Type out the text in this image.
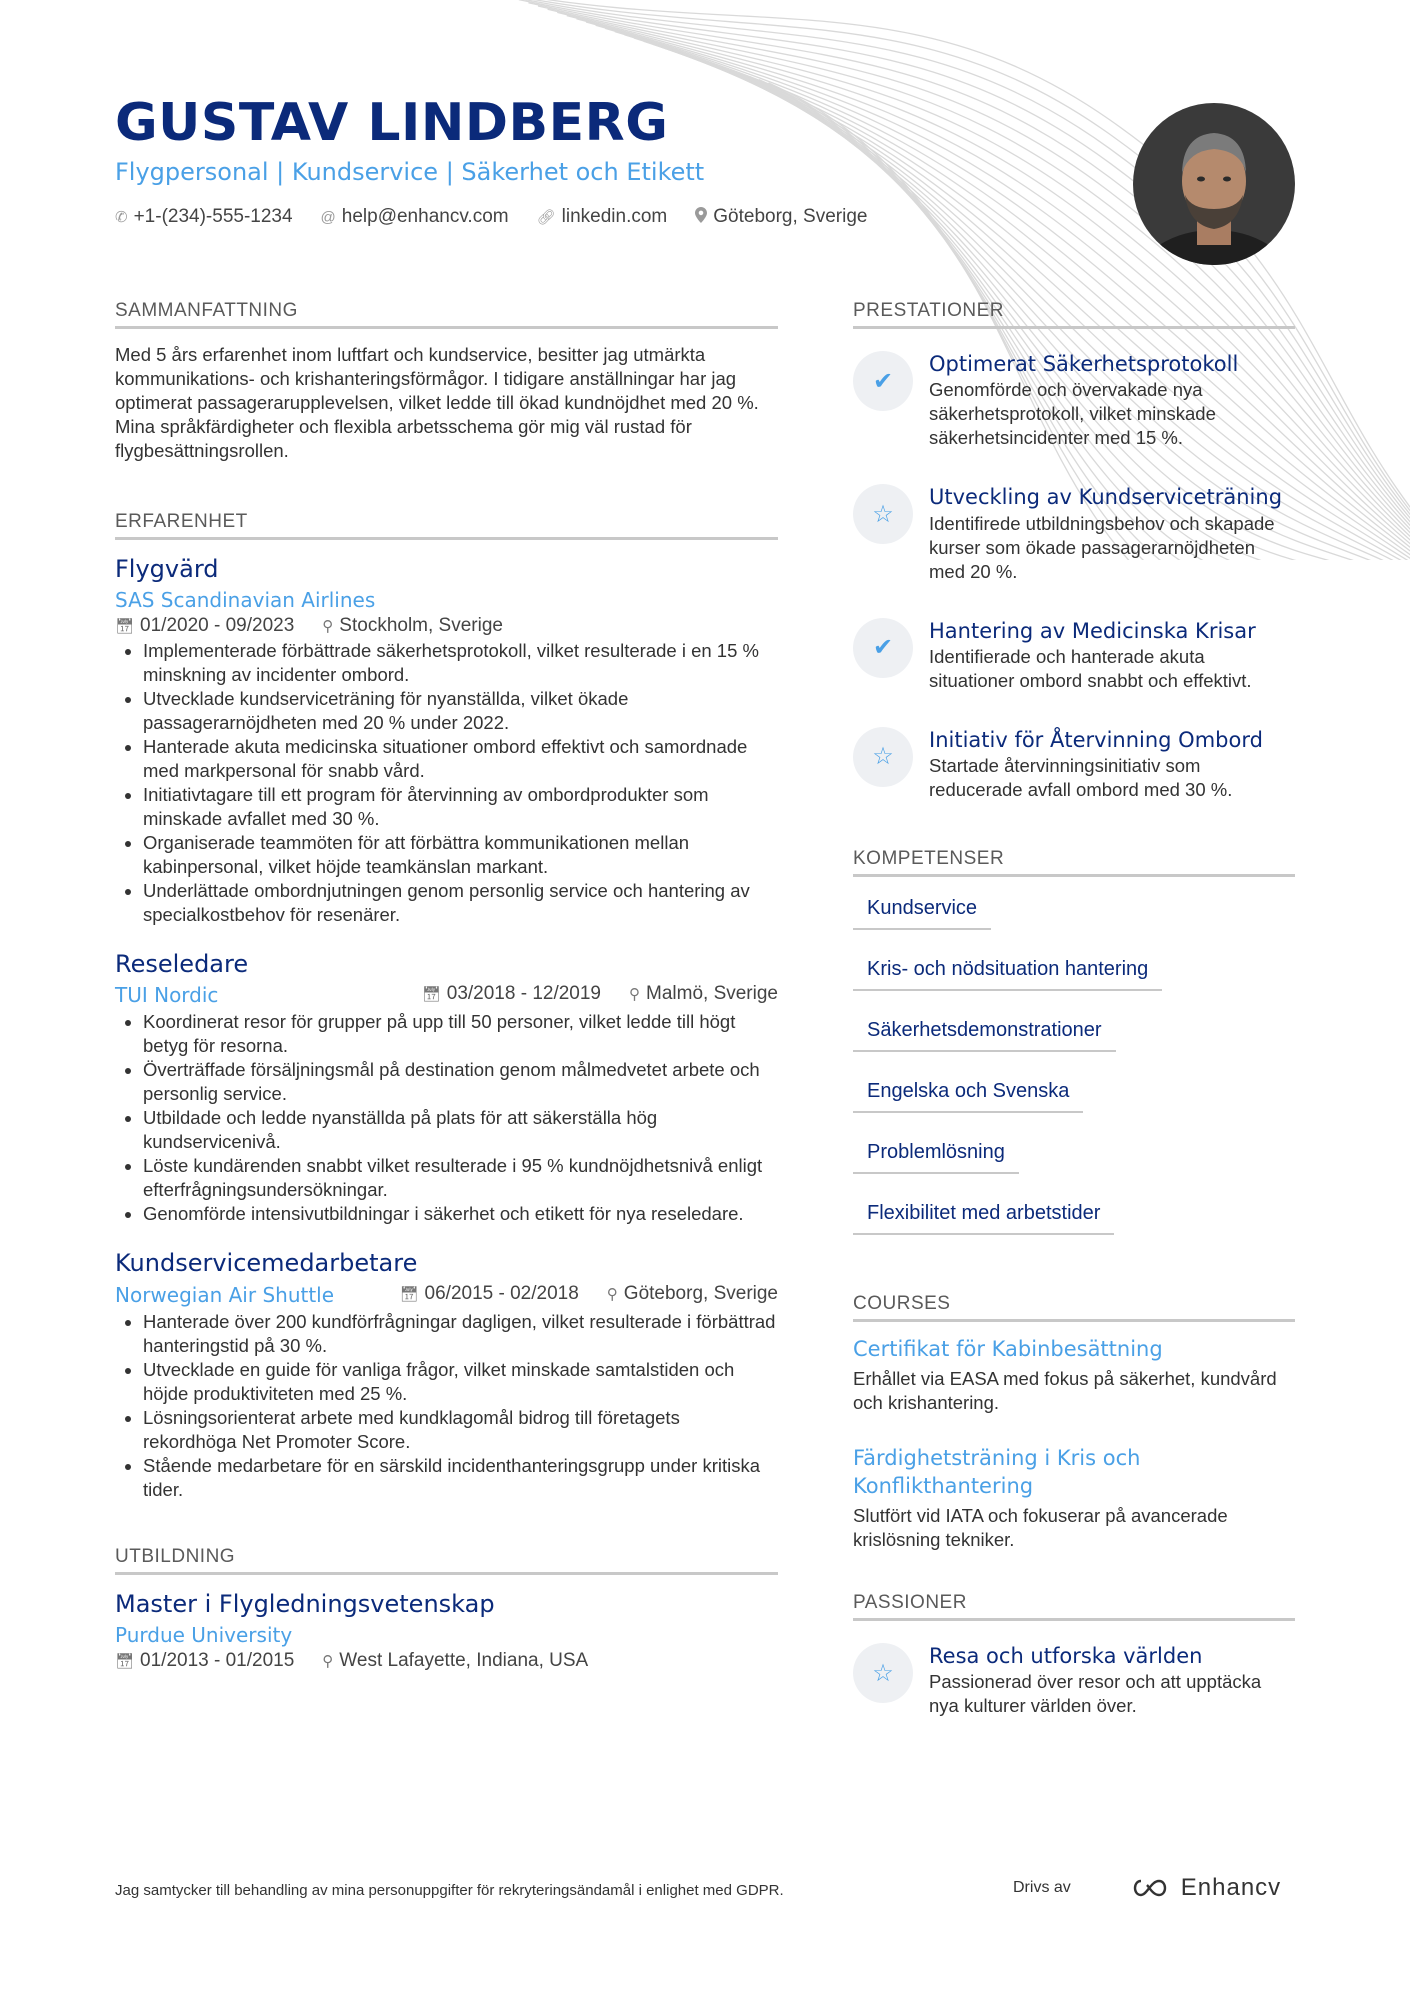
GUSTAV LINDBERG
Flygpersonal | Kundservice | Säkerhet och Etikett
✆ +1-(234)-555-1234 @ help@enhancv.com 🔗︎ linkedin.com Göteborg, Sverige
SAMMANFATTNING

Med 5 års erfarenhet inom luftfart och kundservice, besitter jag utmärkta kommunikations- och krishanteringsförmågor. I tidigare anställningar har jag optimerat passagerarupplevelsen, vilket ledde till ökad kundnöjdhet med 20 %. Mina språkfärdigheter och flexibla arbetsschema gör mig väl rustad för flygbesättningsrollen.

ERFARENHET
Flygvärd
SAS Scandinavian Airlines
📅︎ 01/2020 - 09/2023 ⚲ Stockholm, Sverige
• Implementerade förbättrade säkerhetsprotokoll, vilket resulterade i en 15 % minskning av incidenter ombord.
• Utvecklade kundserviceträning för nyanställda, vilket ökade passagerarnöjdheten med 20 % under 2022.
• Hanterade akuta medicinska situationer ombord effektivt och samordnade med markpersonal för snabb vård.
• Initiativtagare till ett program för återvinning av ombordprodukter som minskade avfallet med 30 %.
• Organiserade teammöten för att förbättra kommunikationen mellan kabinpersonal, vilket höjde teamkänslan markant.
• Underlättade ombordnjutningen genom personlig service och hantering av specialkostbehov för resenärer.
Reseledare
TUI Nordic	📅︎ 03/2018 - 12/2019 ⚲ Malmö, Sverige
• Koordinerat resor för grupper på upp till 50 personer, vilket ledde till högt betyg för resorna.
• Överträffade försäljningsmål på destination genom målmedvetet arbete och personlig service.
• Utbildade och ledde nyanställda på plats för att säkerställa hög kundservicenivå.
• Löste kundärenden snabbt vilket resulterade i 95 % kundnöjdhetsnivå enligt efterfrågningsundersökningar.
• Genomförde intensivutbildningar i säkerhet och etikett för nya reseledare.
Kundservicemedarbetare
Norwegian Air Shuttle	📅︎ 06/2015 - 02/2018 ⚲ Göteborg, Sverige
• Hanterade över 200 kundförfrågningar dagligen, vilket resulterade i förbättrad hanteringstid på 30 %.
• Utvecklade en guide för vanliga frågor, vilket minskade samtalstiden och höjde produktiviteten med 25 %.
• Lösningsorienterat arbete med kundklagomål bidrog till företagets rekordhöga Net Promoter Score.
• Stående medarbetare för en särskild incidenthanteringsgrupp under kritiska tider.
UTBILDNING
Master i Flygledningsvetenskap
Purdue University
📅︎ 01/2013 - 01/2015 ⚲ West Lafayette, Indiana, USA
PRESTATIONER
✔
Optimerat Säkerhetsprotokoll
Genomförde och övervakade nya säkerhetsprotokoll, vilket minskade säkerhetsincidenter med 15 %.
☆
Utveckling av Kundserviceträning
Identifirede utbildningsbehov och skapade kurser som ökade passagerarnöjdheten med 20 %.
✔
Hantering av Medicinska Krisar
Identifierade och hanterade akuta situationer ombord snabbt och effektivt.
☆
Initiativ för Återvinning Ombord
Startade återvinningsinitiativ som reducerade avfall ombord med 30 %.
KOMPETENSER
Kundservice
Kris- och nödsituation hantering
Säkerhetsdemonstrationer
Engelska och Svenska
Problemlösning
Flexibilitet med arbetstider
COURSES
Certifikat för Kabinbesättning
Erhållet via EASA med fokus på säkerhet, kundvård och krishantering.
Färdighetsträning i Kris och Konflikthantering
Slutfört vid IATA och fokuserar på avancerade krislösning tekniker.
PASSIONER
☆
Resa och utforska världen
Passionerad över resor och att upptäcka nya kulturer världen över.
Jag samtycker till behandling av mina personuppgifter för rekryteringsändamål i enlighet med GDPR.	Drivs av	Enhancv
